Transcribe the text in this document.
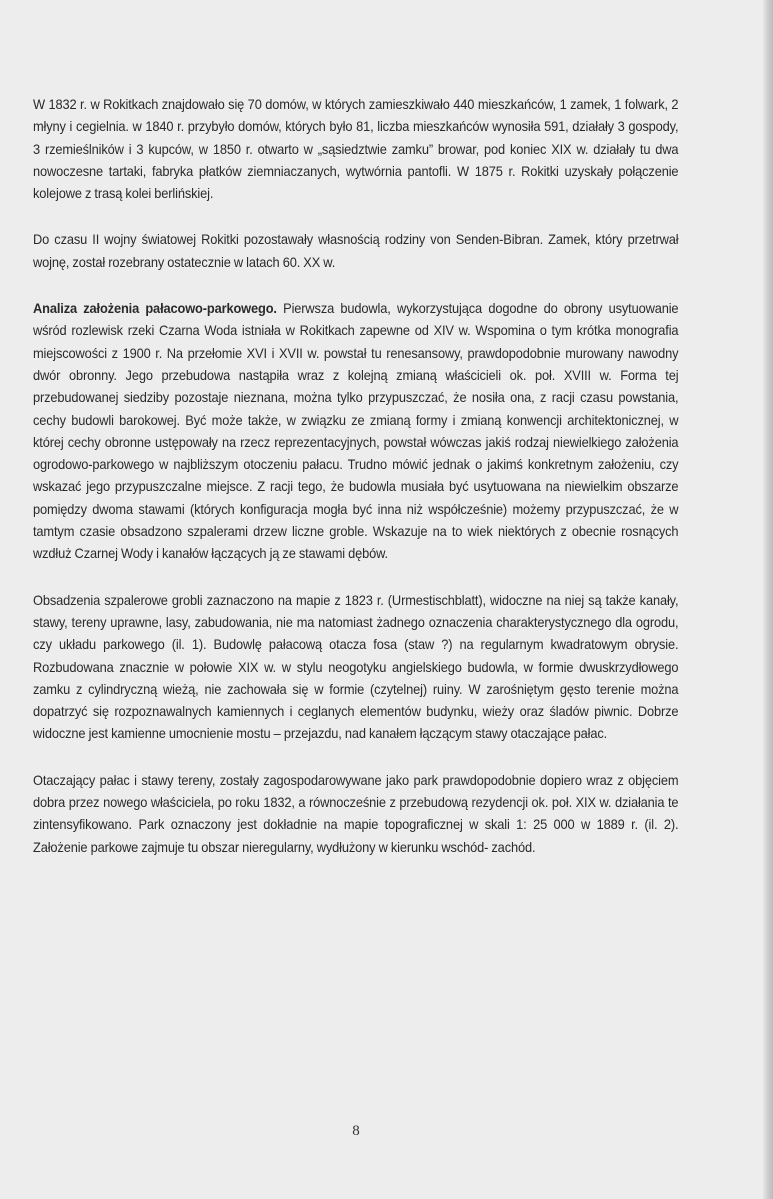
W 1832 r. w Rokitkach znajdowało się 70 domów, w których zamieszkiwało 440 mieszkańców, 1 zamek, 1 folwark, 2 młyny i cegielnia. w 1840 r. przybyło domów, których było 81, liczba mieszkańców wynosiła 591, działały 3 gospody, 3 rzemieślników i 3 kupców, w 1850 r. otwarto w „sąsiedztwie zamku” browar, pod koniec XIX w. działały tu dwa nowoczesne tartaki, fabryka płatków ziemniaczanych, wytwórnia pantofli. W 1875 r. Rokitki uzyskały połączenie kolejowe z trasą kolei berlińskiej.

Do czasu II wojny światowej Rokitki pozostawały własnością rodziny von Senden-Bibran. Zamek, który przetrwał wojnę, został rozebrany ostatecznie w latach 60. XX w.

Analiza założenia pałacowo-parkowego. Pierwsza budowla, wykorzystująca dogodne do obrony usytuowanie wśród rozlewisk rzeki Czarna Woda istniała w Rokitkach zapewne od XIV w. Wspomina o tym krótka monografia miejscowości z 1900 r. Na przełomie XVI i XVII w. powstał tu renesansowy, prawdopodobnie murowany nawodny dwór obronny. Jego przebudowa nastąpiła wraz z kolejną zmianą właścicieli ok. poł. XVIII w. Forma tej przebudowanej siedziby pozostaje nieznana, można tylko przypuszczać, że nosiła ona, z racji czasu powstania, cechy budowli barokowej. Być może także, w związku ze zmianą formy i zmianą konwencji architektonicznej, w której cechy obronne ustępowały na rzecz reprezentacyjnych, powstał wówczas jakiś rodzaj niewielkiego założenia ogrodowo-parkowego w najbliższym otoczeniu pałacu. Trudno mówić jednak o jakimś konkretnym założeniu, czy wskazać jego przypuszczalne miejsce. Z racji tego, że budowla musiała być usytuowana na niewielkim obszarze pomiędzy dwoma stawami (których konfiguracja mogła być inna niż współcześnie) możemy przypuszczać, że w tamtym czasie obsadzono szpalerami drzew liczne groble. Wskazuje na to wiek niektórych z obecnie rosnących wzdłuż Czarnej Wody i kanałów łączących ją ze stawami dębów.

Obsadzenia szpalerowe grobli zaznaczono na mapie z 1823 r. (Urmestischblatt), widoczne na niej są także kanały, stawy, tereny uprawne, lasy, zabudowania, nie ma natomiast żadnego oznaczenia charakterystycznego dla ogrodu, czy układu parkowego (il. 1). Budowlę pałacową otacza fosa (staw ?) na regularnym kwadratowym obrysie. Rozbudowana znacznie w połowie XIX w. w stylu neogotyku angielskiego budowla, w formie dwuskrzydłowego zamku z cylindryczną wieżą, nie zachowała się w formie (czytelnej) ruiny. W zarośniętym gęsto terenie można dopatrzyć się rozpoznawalnych kamiennych i ceglanych elementów budynku, wieży oraz śladów piwnic. Dobrze widoczne jest kamienne umocnienie mostu – przejazdu, nad kanałem łączącym stawy otaczające pałac.

Otaczający pałac i stawy tereny, zostały zagospodarowywane jako park prawdopodobnie dopiero wraz z objęciem dobra przez nowego właściciela, po roku 1832, a równocześnie z przebudową rezydencji ok. poł. XIX w. działania te zintensyfikowano. Park oznaczony jest dokładnie na mapie topograficznej w skali 1: 25 000 w 1889 r. (il. 2). Założenie parkowe zajmuje tu obszar nieregularny, wydłużony w kierunku wschód- zachód.

8
